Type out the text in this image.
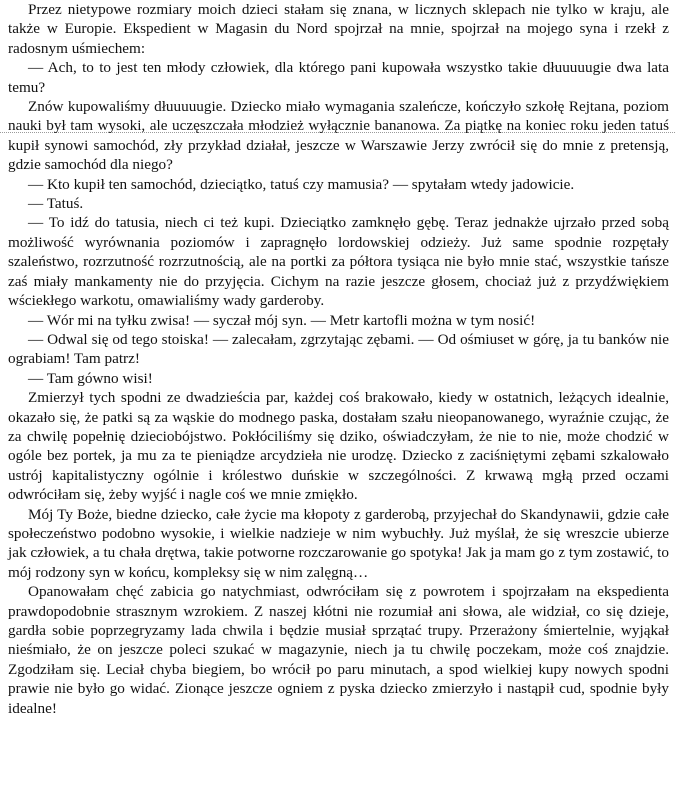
Przez nietypowe rozmiary moich dzieci stałam się znana, w licznych sklepach nie tylko w kraju, ale także w Europie. Ekspedient w Magasin du Nord spojrzał na mnie, spojrzał na mojego syna i rzekł z radosnym uśmiechem:

— Ach, to to jest ten młody człowiek, dla którego pani kupowała wszystko takie dłuuuuugie dwa lata temu?

Znów kupowaliśmy dłuuuuugie. Dziecko miało wymagania szaleńcze, kończyło szkołę Rejtana, poziom nauki był tam wysoki, ale uczęszczała młodzież wyłącznie bananowa. Za piątkę na koniec roku jeden tatuś kupił synowi samochód, zły przykład działał, jeszcze w Warszawie Jerzy zwrócił się do mnie z pretensją, gdzie samochód dla niego?

— Kto kupił ten samochód, dzieciątko, tatuś czy mamusia? — spytałam wtedy jadowicie.

— Tatuś.

— To idź do tatusia, niech ci też kupi. Dzieciątko zamknęło gębę. Teraz jednakże ujrzało przed sobą możliwość wyrównania poziomów i zapragnęło lordowskiej odzieży. Już same spodnie rozpętały szaleństwo, rozrzutność rozrzutnością, ale na portki za półtora tysiąca nie było mnie stać, wszystkie tańsze zaś miały mankamenty nie do przyjęcia. Cichym na razie jeszcze głosem, chociaż już z przydźwiękiem wściekłego warkotu, omawialiśmy wady garderoby.

— Wór mi na tyłku zwisa! — syczał mój syn. — Metr kartofli można w tym nosić!

— Odwal się od tego stoiska! — zalecałam, zgrzytając zębami. — Od ośmiuset w górę, ja tu banków nie ograbiam! Tam patrz!

— Tam gówno wisi!

Zmierzył tych spodni ze dwadzieścia par, każdej coś brakowało, kiedy w ostatnich, leżących idealnie, okazało się, że patki są za wąskie do modnego paska, dostałam szału nieopanowanego, wyraźnie czując, że za chwilę popełnię dzieciobójstwo. Pokłóciliśmy się dziko, oświadczyłam, że nie to nie, może chodzić w ogóle bez portek, ja mu za te pieniądze arcydzieła nie urodzę. Dziecko z zaciśniętymi zębami szkalowało ustrój kapitalistyczny ogólnie i królestwo duńskie w szczególności. Z krwawą mgłą przed oczami odwróciłam się, żeby wyjść i nagle coś we mnie zmiękło.

Mój Ty Boże, biedne dziecko, całe życie ma kłopoty z garderobą, przyjechał do Skandynawii, gdzie całe społeczeństwo podobno wysokie, i wielkie nadzieje w nim wybuchły. Już myślał, że się wreszcie ubierze jak człowiek, a tu chała drętwa, takie potworne rozczarowanie go spotyka! Jak ja mam go z tym zostawić, to mój rodzony syn w końcu, kompleksy się w nim zalęgną…

Opanowałam chęć zabicia go natychmiast, odwróciłam się z powrotem i spojrzałam na ekspedienta prawdopodobnie strasznym wzrokiem. Z naszej kłótni nie rozumiał ani słowa, ale widział, co się dzieje, gardła sobie poprzegryzamy lada chwila i będzie musiał sprzątać trupy. Przerażony śmiertelnie, wyjąkał nieśmiało, że on jeszcze poleci szukać w magazynie, niech ja tu chwilę poczekam, może coś znajdzie. Zgodziłam się. Leciał chyba biegiem, bo wrócił po paru minutach, a spod wielkiej kupy nowych spodni prawie nie było go widać. Zionące jeszcze ogniem z pyska dziecko zmierzyło i nastąpił cud, spodnie były idealne!
